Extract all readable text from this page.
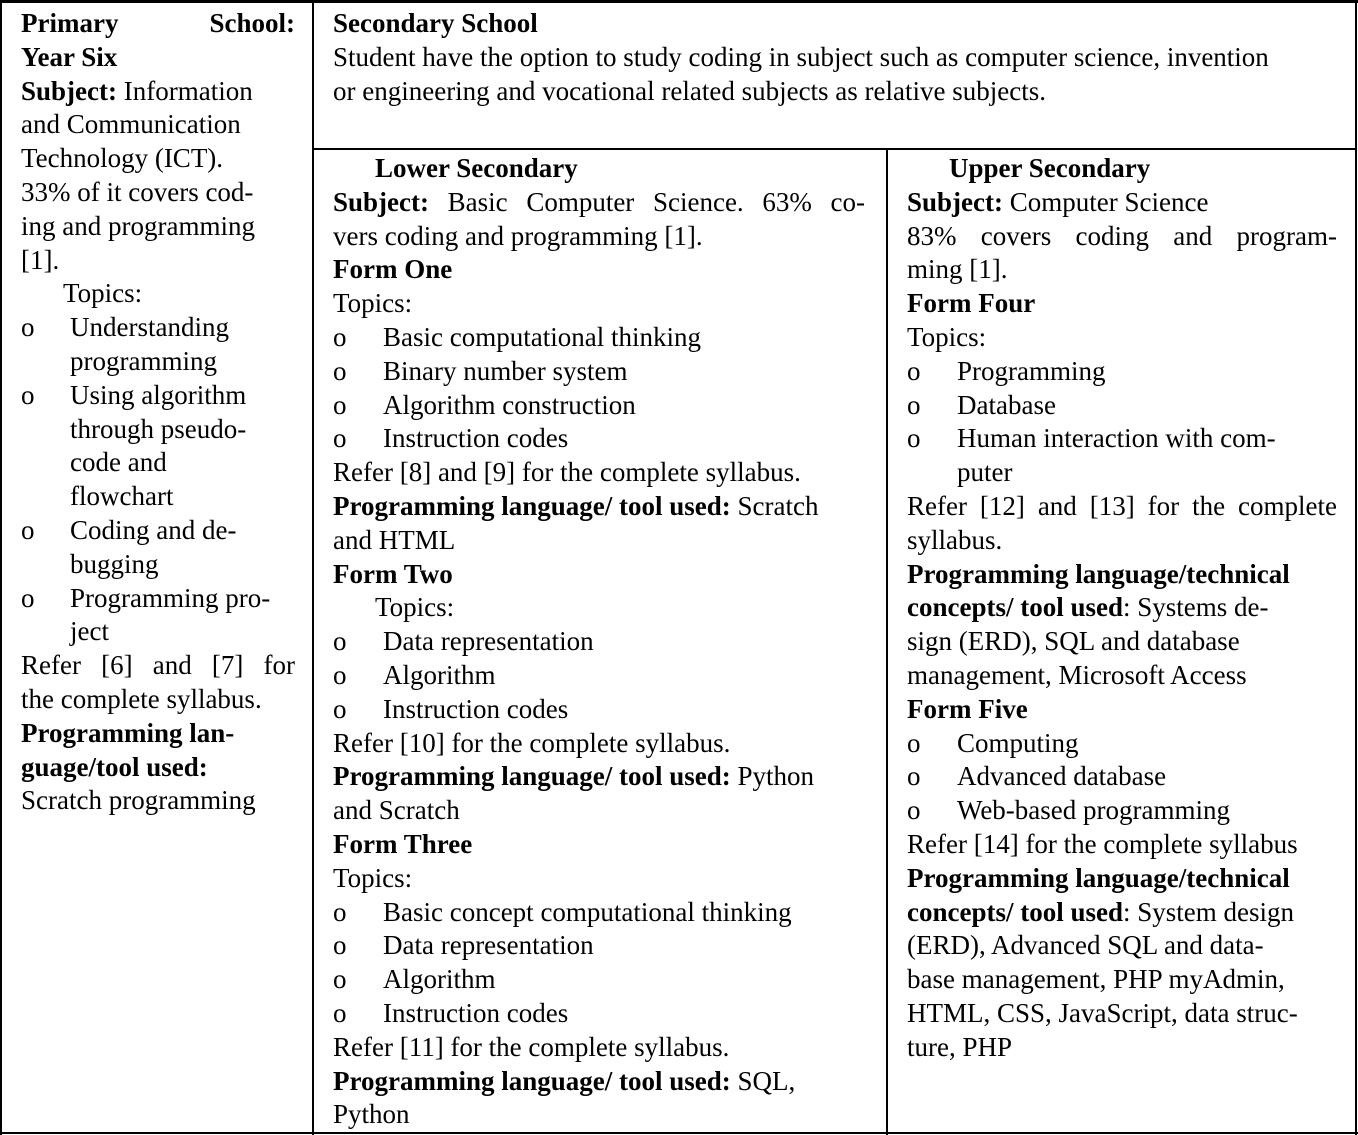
Primary	School:

Year Six

Subject: Information

and Communication

Technology (ICT).

33% of it covers cod-

ing and programming

[1].

Topics:

o	Understanding

programming

o	Using algorithm

through pseudo-

code and

flowchart

o	Coding and de-

bugging

o	Programming pro-

ject

Refer [6] and [7] for

the complete syllabus.

Programming lan-

guage/tool used:

Scratch programming

Secondary School

Student have the option to study coding in subject such as computer science, invention

or engineering and vocational related subjects as relative subjects.

Lower Secondary

Subject: Basic Computer Science. 63% co-

vers coding and programming [1].

Form One

Topics:

o	Basic computational thinking
o	Binary number system
o	Algorithm construction
o	Instruction codes

Refer [8] and [9] for the complete syllabus.

Programming language/ tool used: Scratch

and HTML

Form Two

Topics:

o	Data representation
o	Algorithm
o	Instruction codes

Refer [10] for the complete syllabus.

Programming language/ tool used: Python

and Scratch

Form Three

Topics:

o	Basic concept computational thinking
o	Data representation
o	Algorithm
o	Instruction codes

Refer [11] for the complete syllabus.

Programming language/ tool used: SQL,

Python

Upper Secondary

Subject: Computer Science

83% covers coding and program-

ming [1].

Form Four

Topics:

o	Programming
o	Database
o	Human interaction with com-

puter

Refer [12] and [13] for the complete

syllabus.

Programming language/technical

concepts/ tool used: Systems de-

sign (ERD), SQL and database

management, Microsoft Access

Form Five

o	Computing
o	Advanced database
o	Web-based programming

Refer [14] for the complete syllabus

Programming language/technical

concepts/ tool used: System design

(ERD), Advanced SQL and data-

base management, PHP myAdmin,

HTML, CSS, JavaScript, data struc-

ture, PHP
